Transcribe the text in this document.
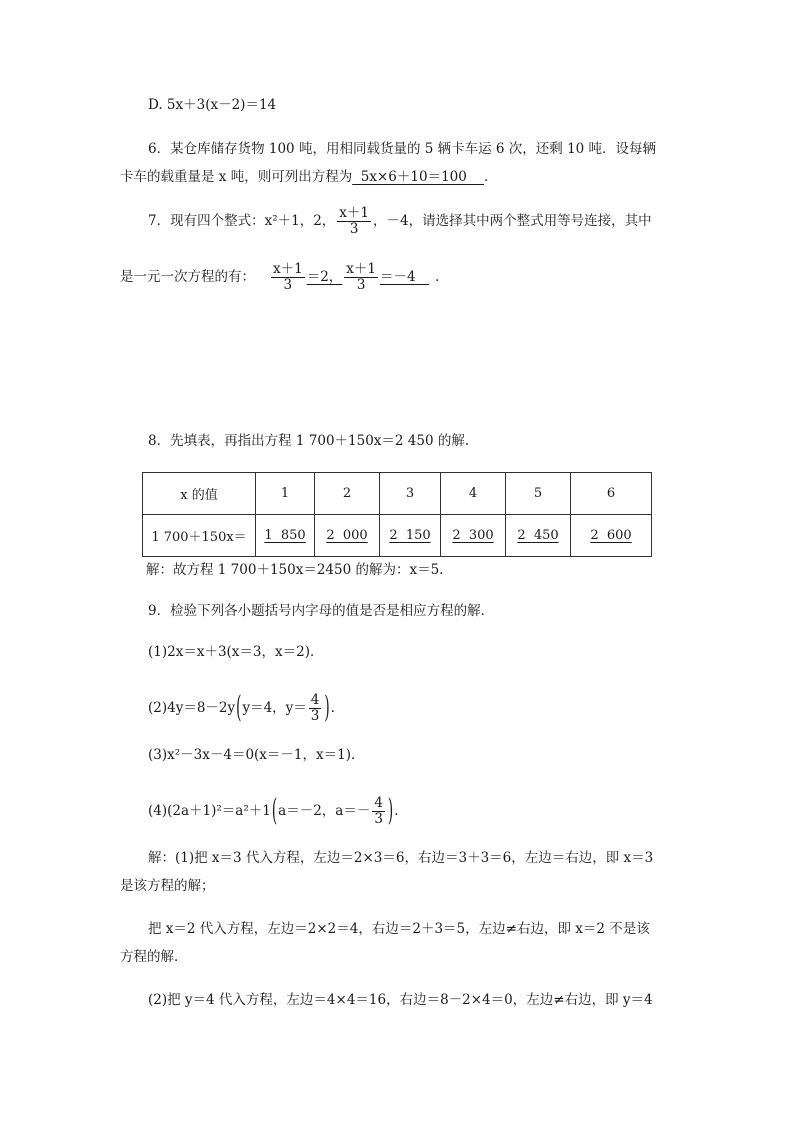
D. 5x＋3(x－2)＝14
6．某仓库储存货物 100 吨，用相同载货量的 5 辆卡车运 6 次，还剩 10 吨．设每辆
卡车的载重量是 x 吨，则可列出方程为  5x×6＋10＝100    ．
7．现有四个整式：x²＋1，2， $\frac{x+1}{3}$ ，－4，请选择其中两个整式用等号连接，其中
是一元一次方程的有： $\frac{x+1}{3} =2$， $\frac{x+1}{3} =-4$  ．
8．先填表，再指出方程 1 700＋150x＝2 450 的解.
x 的值	1	2	3	4	5	6
1 700＋150x＝	1  850	2  000	2  150	2  300	2  450	2  600
解：故方程 1 700＋150x＝2450 的解为：x＝5.
9．检验下列各小题括号内字母的值是否是相应方程的解．
(1)2x＝x＋3(x＝3，x＝2)．
(2)4y＝8－2y(y＝4，$y= \frac{4}{3}$ ).
(3)x²－3x－4＝0(x＝－1，x＝1)．
(4)(2a＋1)²＝a²＋1(a＝－2，$a=- \frac{4}{3}$ ).
解：(1)把 x＝3 代入方程，左边＝2×3＝6，右边＝3＋3＝6，左边＝右边，即 x＝3
是该方程的解；
把 x＝2 代入方程，左边＝2×2＝4，右边＝2＋3＝5，左边≠右边，即 x＝2 不是该
方程的解．
(2)把 y＝4 代入方程，左边＝4×4＝16，右边＝8－2×4＝0，左边≠右边，即 y＝4
